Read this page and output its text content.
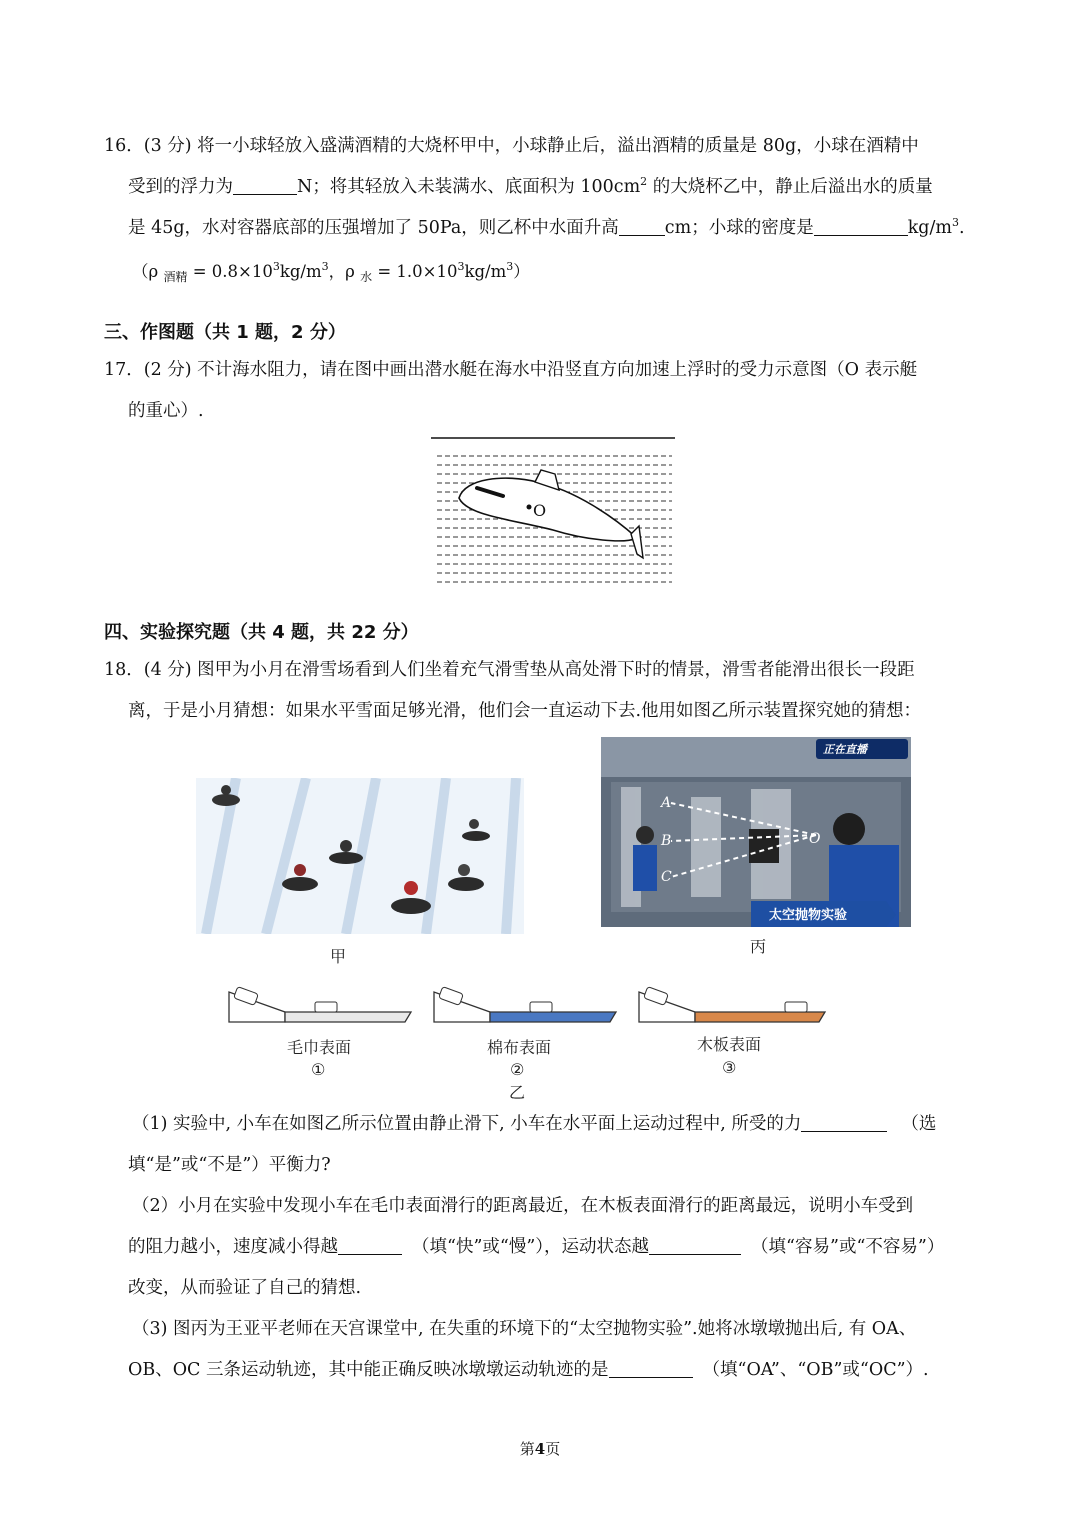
16．(3 分) 将一小球轻放入盛满酒精的大烧杯甲中，小球静止后，溢出酒精的质量是 80g，小球在酒精中
受到的浮力为	N；将其轻放入未装满水、底面积为 $100cm^2$ 的大烧杯乙中，静止后溢出水的质量
是 45g，水对容器底部的压强增加了 50Pa，则乙杯中水面升高	cm；小球的密度是	$kg/m^3$.
（ρ $_{酒精} = 0.8\times 10^3kg/m^3$，ρ $_水 = 1.0\times 10^3kg/m^3$）
三、作图题（共 1 题，2 分）
17．(2 分) 不计海水阻力，请在图中画出潜水艇在海水中沿竖直方向加速上浮时的受力示意图（O 表示艇
的重心）.
O
四、实验探究题（共 4 题，共 22 分）
18．(4 分) 图甲为小月在滑雪场看到人们坐着充气滑雪垫从高处滑下时的情景，滑雪者能滑出很长一段距
离，于是小月猜想：如果水平雪面足够光滑，他们会一直运动下去.他用如图乙所示装置探究她的猜想：
甲
A
B
C
O
正在直播
太空抛物实验
丙
毛巾表面
①
棉布表面
②
木板表面
③
乙
（1) 实验中, 小车在如图乙所示位置由静止滑下, 小车在水平面上运动过程中, 所受的力	（选
填“是”或“不是”）平衡力?
（2）小月在实验中发现小车在毛巾表面滑行的距离最近，在木板表面滑行的距离最远，说明小车受到
的阻力越小，速度减小得越	（填“快”或“慢”），运动状态越	（填“容易”或“不容易”）
改变，从而验证了自己的猜想.
（3) 图丙为王亚平老师在天宫课堂中, 在失重的环境下的“太空抛物实验”.她将冰墩墩抛出后, 有 OA、
OB、OC 三条运动轨迹，其中能正确反映冰墩墩运动轨迹的是	（填“OA”、“OB”或“OC”）.
第4页
